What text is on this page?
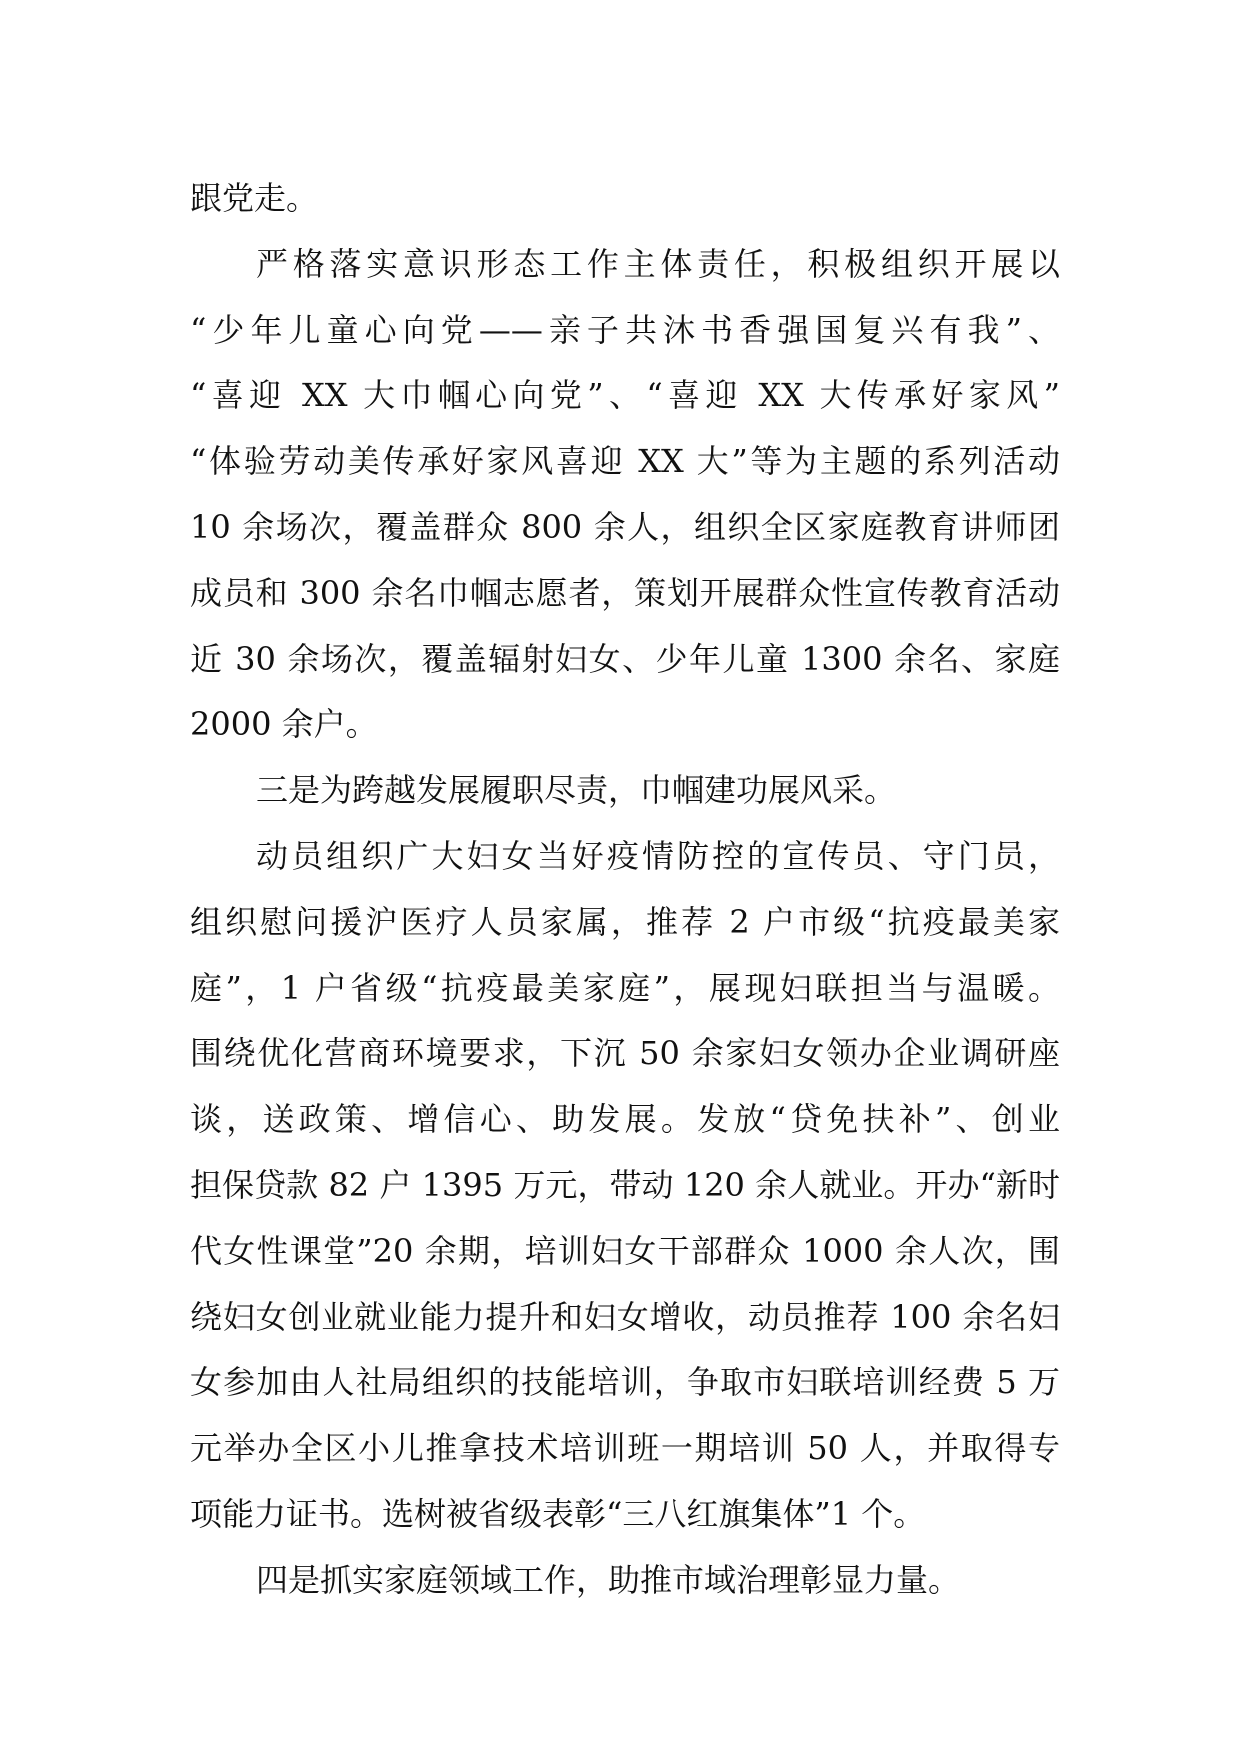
跟党走。
严格落实意识形态工作主体责任，积极组织开展以
“少年儿童心向党——亲子共沐书香强国复兴有我”、
“喜迎 XX 大巾帼心向党”、“喜迎 XX 大传承好家风”
“体验劳动美传承好家风喜迎 XX 大”等为主题的系列活动
10 余场次，覆盖群众 800 余人，组织全区家庭教育讲师团
成员和 300 余名巾帼志愿者，策划开展群众性宣传教育活动
近 30 余场次，覆盖辐射妇女、少年儿童 1300 余名、家庭
2000 余户。
三是为跨越发展履职尽责，巾帼建功展风采。
动员组织广大妇女当好疫情防控的宣传员、守门员，
组织慰问援沪医疗人员家属，推荐 2 户市级“抗疫最美家
庭”，1 户省级“抗疫最美家庭”，展现妇联担当与温暖。
围绕优化营商环境要求，下沉 50 余家妇女领办企业调研座
谈，送政策、增信心、助发展。发放“贷免扶补”、创业
担保贷款 82 户 1395 万元，带动 120 余人就业。开办“新时
代女性课堂”20 余期，培训妇女干部群众 1000 余人次，围
绕妇女创业就业能力提升和妇女增收，动员推荐 100 余名妇
女参加由人社局组织的技能培训，争取市妇联培训经费 5 万
元举办全区小儿推拿技术培训班一期培训 50 人，并取得专
项能力证书。选树被省级表彰“三八红旗集体”1 个。
四是抓实家庭领域工作，助推市域治理彰显力量。
